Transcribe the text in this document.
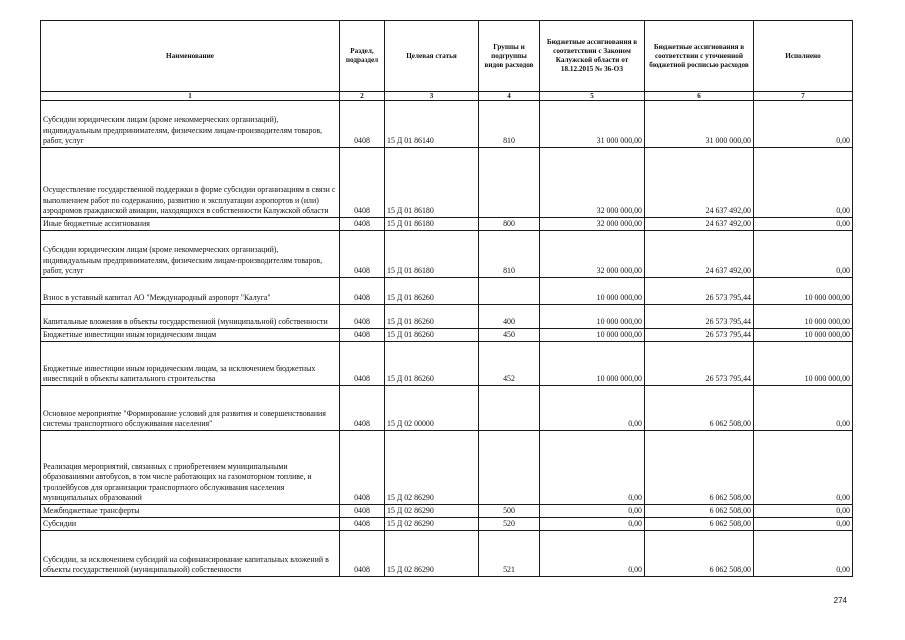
Наименование	Раздел, подраздел	Целевая статья	Группы и подгруппы видов расходов	Бюджетные ассигнования в соответствии с Законом Калужской области от 18.12.2015 № 36-ОЗ	Бюджетные ассигнования в соответствии с уточненной бюджетной росписью расходов	Исполнено
1	2	3	4	5	6	7
Субсидии юридическим лицам (кроме некоммерческих организаций), индивидуальным предпринимателям, физическим лицам-производителям товаров, работ, услуг	0408	15 Д 01 86140	810	31 000 000,00	31 000 000,00	0,00
Осуществление государственной поддержки в форме субсидии организациям в связи с выполнением работ по содержанию, развитию и эксплуатации аэропортов и (или) аэродромов гражданской авиации, находящихся в собственности Калужской области	0408	15 Д 01 86180		32 000 000,00	24 637 492,00	0,00
Иные бюджетные ассигнования	0408	15 Д 01 86180	800	32 000 000,00	24 637 492,00	0,00
Субсидии юридическим лицам (кроме некоммерческих организаций), индивидуальным предпринимателям, физическим лицам-производителям товаров, работ, услуг	0408	15 Д 01 86180	810	32 000 000,00	24 637 492,00	0,00
Взнос в уставный капитал АО "Международный аэропорт "Калуга"	0408	15 Д 01 86260		10 000 000,00	26 573 795,44	10 000 000,00
Капитальные вложения в объекты государственной (муниципальной) собственности	0408	15 Д 01 86260	400	10 000 000,00	26 573 795,44	10 000 000,00
Бюджетные инвестиции иным юридическим лицам	0408	15 Д 01 86260	450	10 000 000,00	26 573 795,44	10 000 000,00
Бюджетные инвестиции иным юридическим лицам, за исключением бюджетных инвестиций в объекты капитального строительства	0408	15 Д 01 86260	452	10 000 000,00	26 573 795,44	10 000 000,00
Основное мероприятие "Формирование условий для развития и совершенствования системы транспортного обслуживания населения"	0408	15 Д 02 00000		0,00	6 062 508,00	0,00
Реализация мероприятий, связанных с приобретением муниципальными образованиями автобусов, в том числе работающих на газомоторном топливе, и троллейбусов для организации транспортного обслуживания населения муниципальных образований	0408	15 Д 02 86290		0,00	6 062 508,00	0,00
Межбюджетные трансферты	0408	15 Д 02 86290	500	0,00	6 062 508,00	0,00
Субсидии	0408	15 Д 02 86290	520	0,00	6 062 508,00	0,00
Субсидии, за исключением субсидий на софинансирование капитальных вложений в объекты государственной (муниципальной) собственности	0408	15 Д 02 86290	521	0,00	6 062 508,00	0,00
274
